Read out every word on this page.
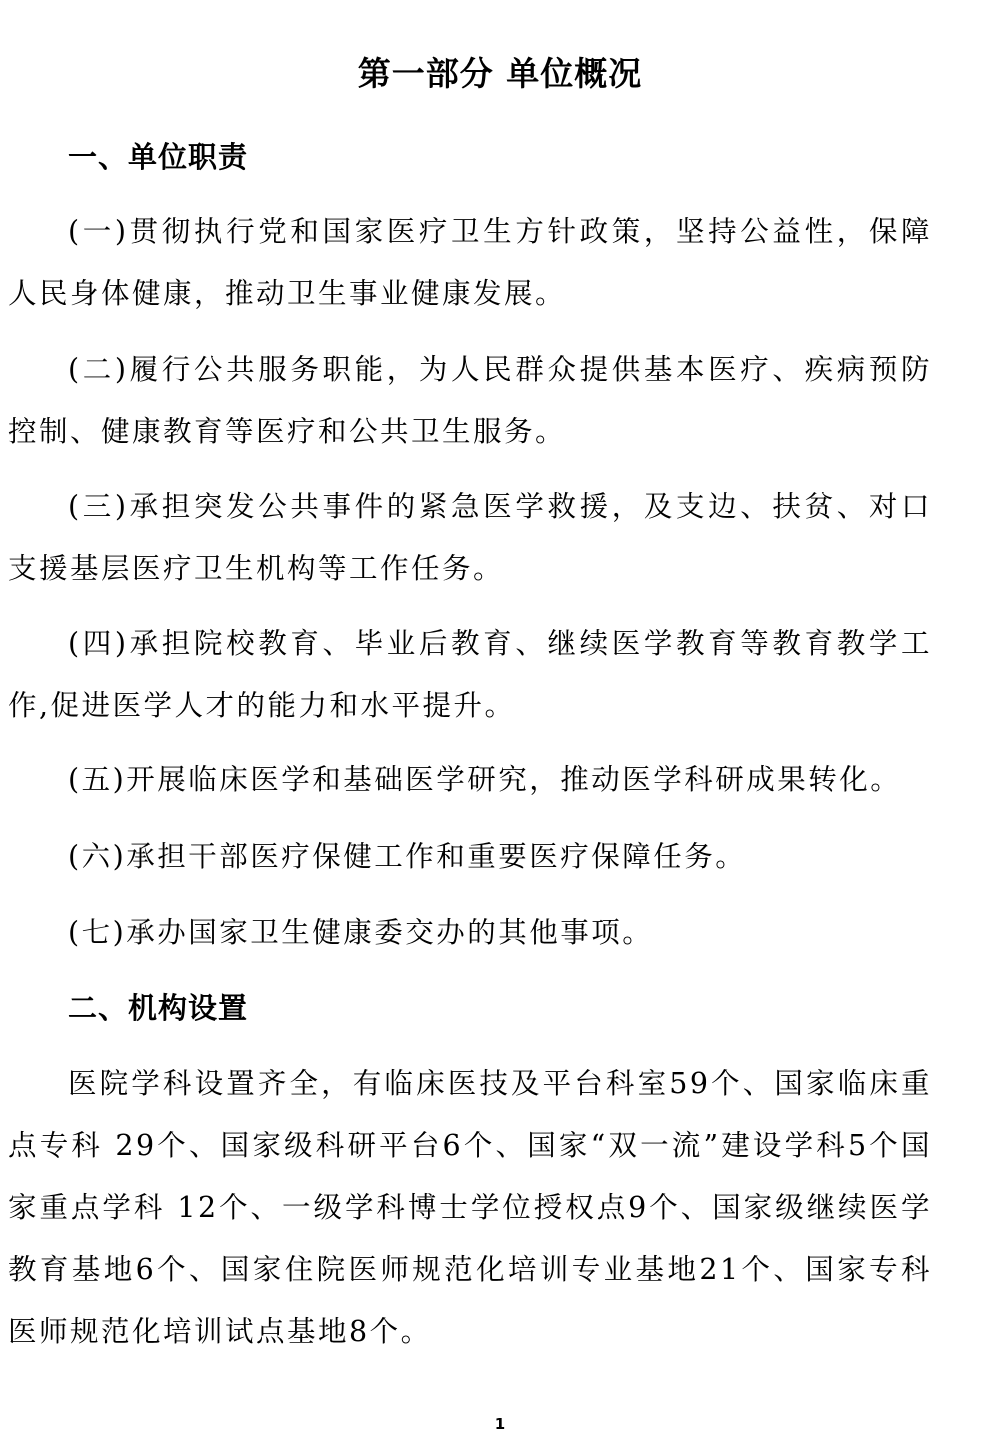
第一部分 单位概况
一、单位职责

(一)贯彻执行党和国家医疗卫生方针政策，坚持公益性，保障人民身体健康，推动卫生事业健康发展。

(二)履行公共服务职能，为人民群众提供基本医疗、疾病预防控制、健康教育等医疗和公共卫生服务。

(三)承担突发公共事件的紧急医学救援，及支边、扶贫、对口支援基层医疗卫生机构等工作任务。

(四)承担院校教育、毕业后教育、继续医学教育等教育教学工作,促进医学人才的能力和水平提升。

(五)开展临床医学和基础医学研究，推动医学科研成果转化。

(六)承担干部医疗保健工作和重要医疗保障任务。

(七)承办国家卫生健康委交办的其他事项。

二、机构设置

医院学科设置齐全，有临床医技及平台科室59个、国家临床重点专科 29个、国家级科研平台6个、国家“双一流”建设学科5个国家重点学科 12个、一级学科博士学位授权点9个、国家级继续医学教育基地6个、国家住院医师规范化培训专业基地21个、国家专科医师规范化培训试点基地8个。

1
